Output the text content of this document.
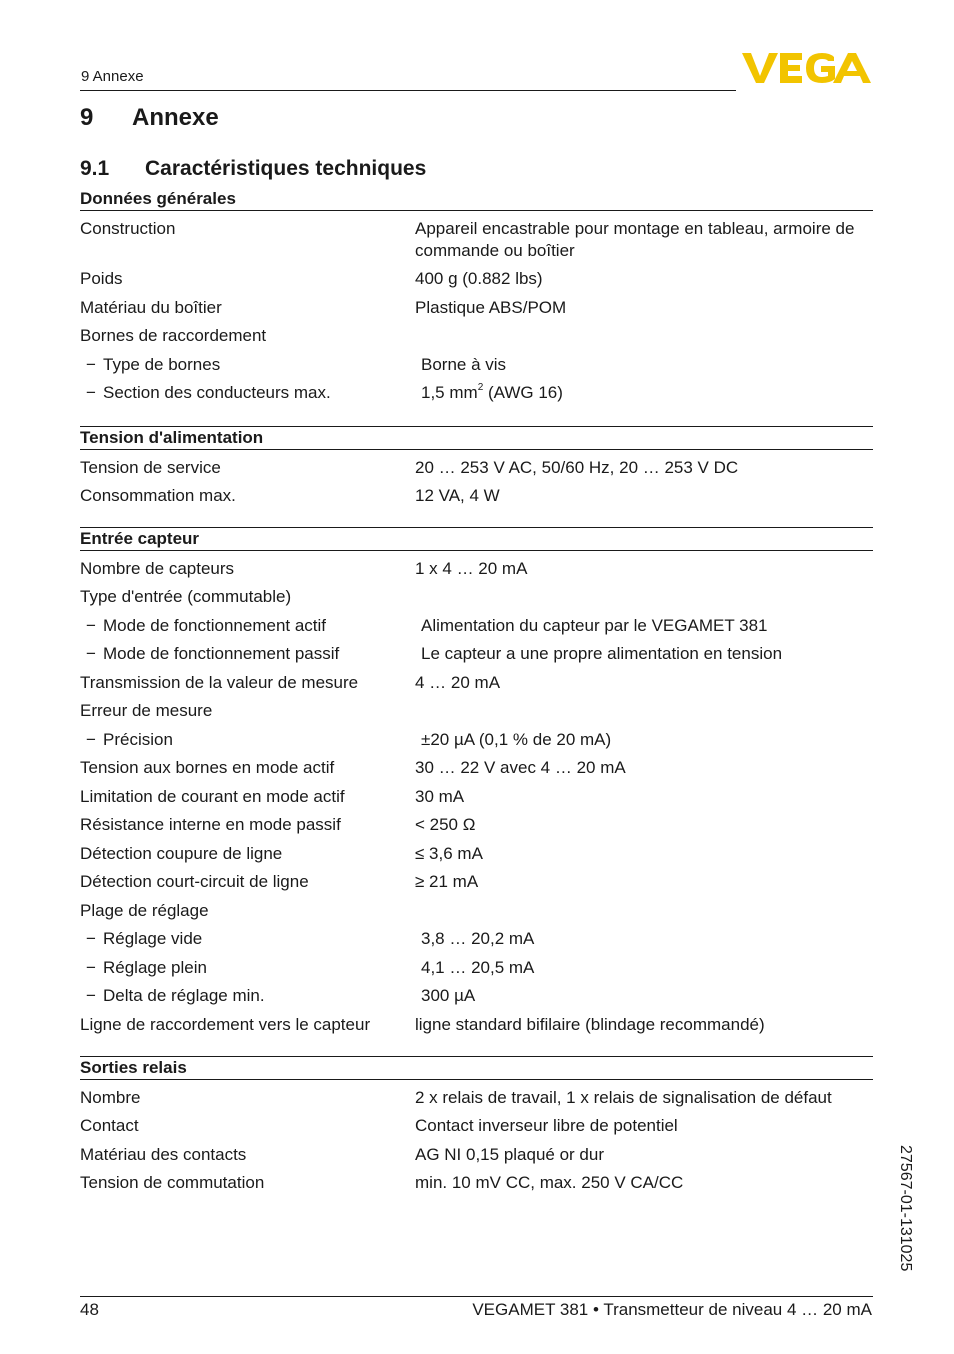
9 Annexe
9 Annexe
9.1 Caractéristiques techniques
Données générales
Construction	Appareil encastrable pour montage en tableau, armoire de commande ou boîtier
Poids	400 g (0.882 lbs)
Matériau du boîtier	Plastique ABS/POM
Bornes de raccordement
− Type de bornes	Borne à vis
− Section des conducteurs max.	1,5 $mm^2$ (AWG 16)
Tension d'alimentation
Tension de service	20 … 253 V AC, 50/60 Hz, 20 … 253 V DC
Consommation max.	12 VA, 4 W
Entrée capteur
Nombre de capteurs	1 x 4 … 20 mA
Type d'entrée (commutable)
− Mode de fonctionnement actif	Alimentation du capteur par le VEGAMET 381
− Mode de fonctionnement passif	Le capteur a une propre alimentation en tension
Transmission de la valeur de mesure	4 … 20 mA
Erreur de mesure
− Précision	±20 µA (0,1 % de 20 mA)
Tension aux bornes en mode actif	30 … 22 V avec 4 … 20 mA
Limitation de courant en mode actif	30 mA
Résistance interne en mode passif	< 250 Ω
Détection coupure de ligne	≤ 3,6 mA
Détection court-circuit de ligne	≥ 21 mA
Plage de réglage
− Réglage vide	3,8 … 20,2 mA
− Réglage plein	4,1 … 20,5 mA
− Delta de réglage min.	300 µA
Ligne de raccordement vers le capteur	ligne standard bifilaire (blindage recommandé)
Sorties relais
Nombre	2 x relais de travail, 1 x relais de signalisation de défaut
Contact	Contact inverseur libre de potentiel
Matériau des contacts	AG NI 0,15 plaqué or dur
Tension de commutation	min. 10 mV CC, max. 250 V CA/CC
48	VEGAMET 381 • Transmetteur de niveau 4 … 20 mA
27567-01-131025
